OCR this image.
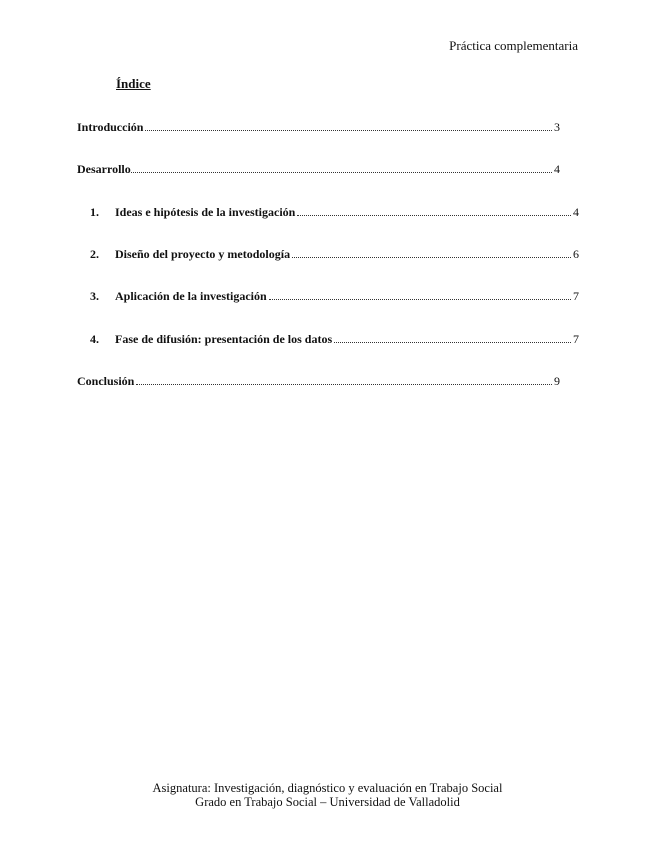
Práctica complementaria
Índice
Introducción	3
Desarrollo	4
1.	Ideas e hipótesis de la investigación	4
2.	Diseño del proyecto y metodología	6
3.	Aplicación de la investigación	7
4.	Fase de difusión: presentación de los datos	7
Conclusión	9
Asignatura: Investigación, diagnóstico y evaluación en Trabajo Social
Grado en Trabajo Social – Universidad de Valladolid
